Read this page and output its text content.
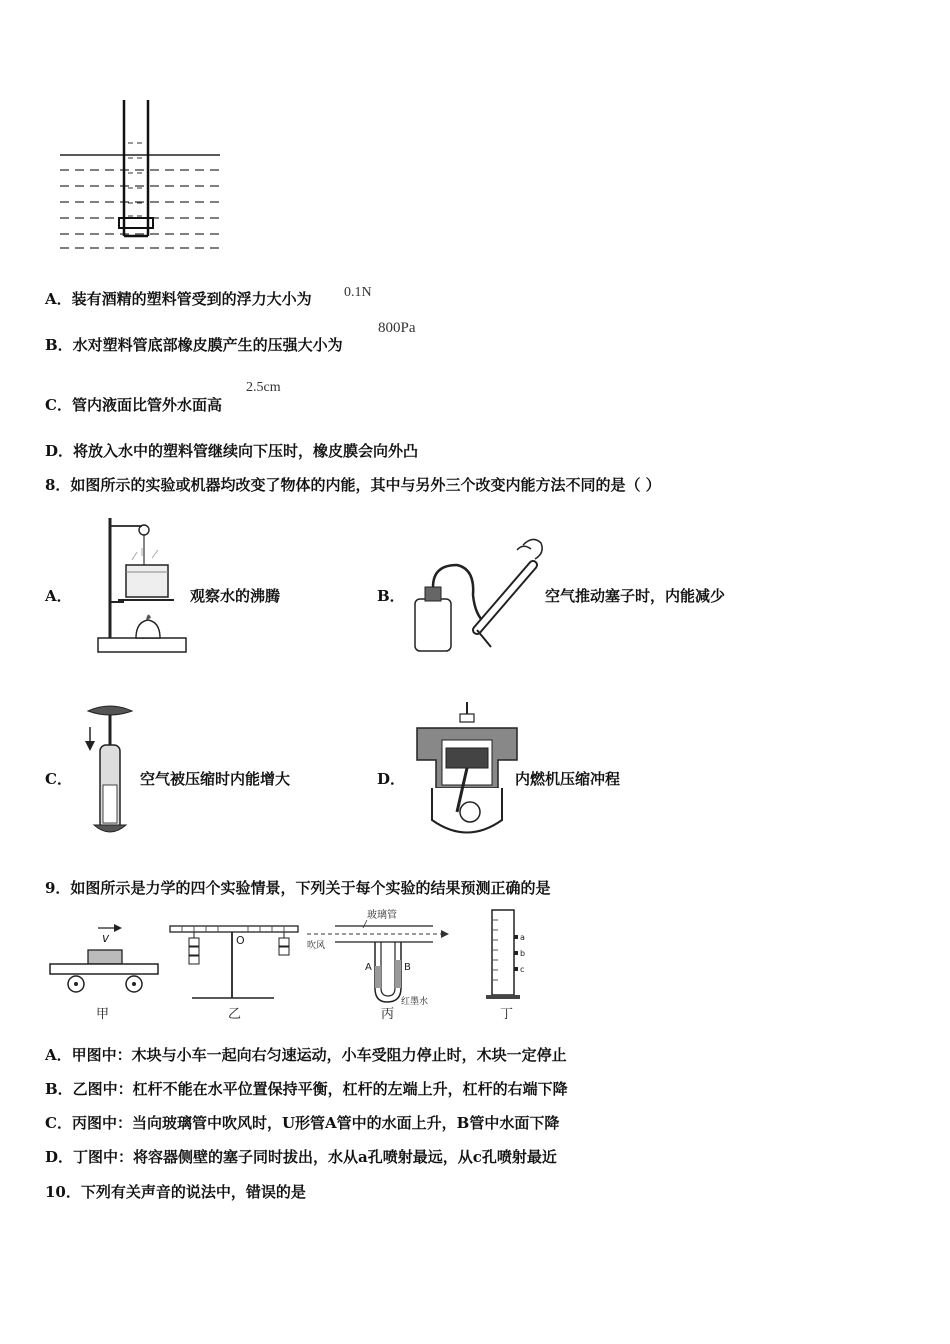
A．装有酒精的塑料管受到的浮力大小为 0.1N
B．水对塑料管底部橡皮膜产生的压强大小为
800Pa
C．管内液面比管外水面高
2.5cm
D．将放入水中的塑料管继续向下压时，橡皮膜会向外凸
8．如图所示的实验或机器均改变了物体的内能，其中与另外三个改变内能方法不同的是（ ）
A．	观察水的沸腾	B．	空气推动塞子时，内能减少
C．	空气被压缩时内能增大	D．	内燃机压缩冲程
9．如图所示是力学的四个实验情景，下列关于每个实验的结果预测正确的是
v
甲
O
乙
玻璃管
吹风
A	B
红墨水
丙
a
b
c
丁
A．甲图中：木块与小车一起向右匀速运动，小车受阻力停止时，木块一定停止
B．乙图中：杠杆不能在水平位置保持平衡，杠杆的左端上升，杠杆的右端下降
C．丙图中：当向玻璃管中吹风时，U形管A管中的水面上升，B管中水面下降
D．丁图中：将容器侧壁的塞子同时拔出，水从a孔喷射最远，从c孔喷射最近
10．下列有关声音的说法中，错误的是
